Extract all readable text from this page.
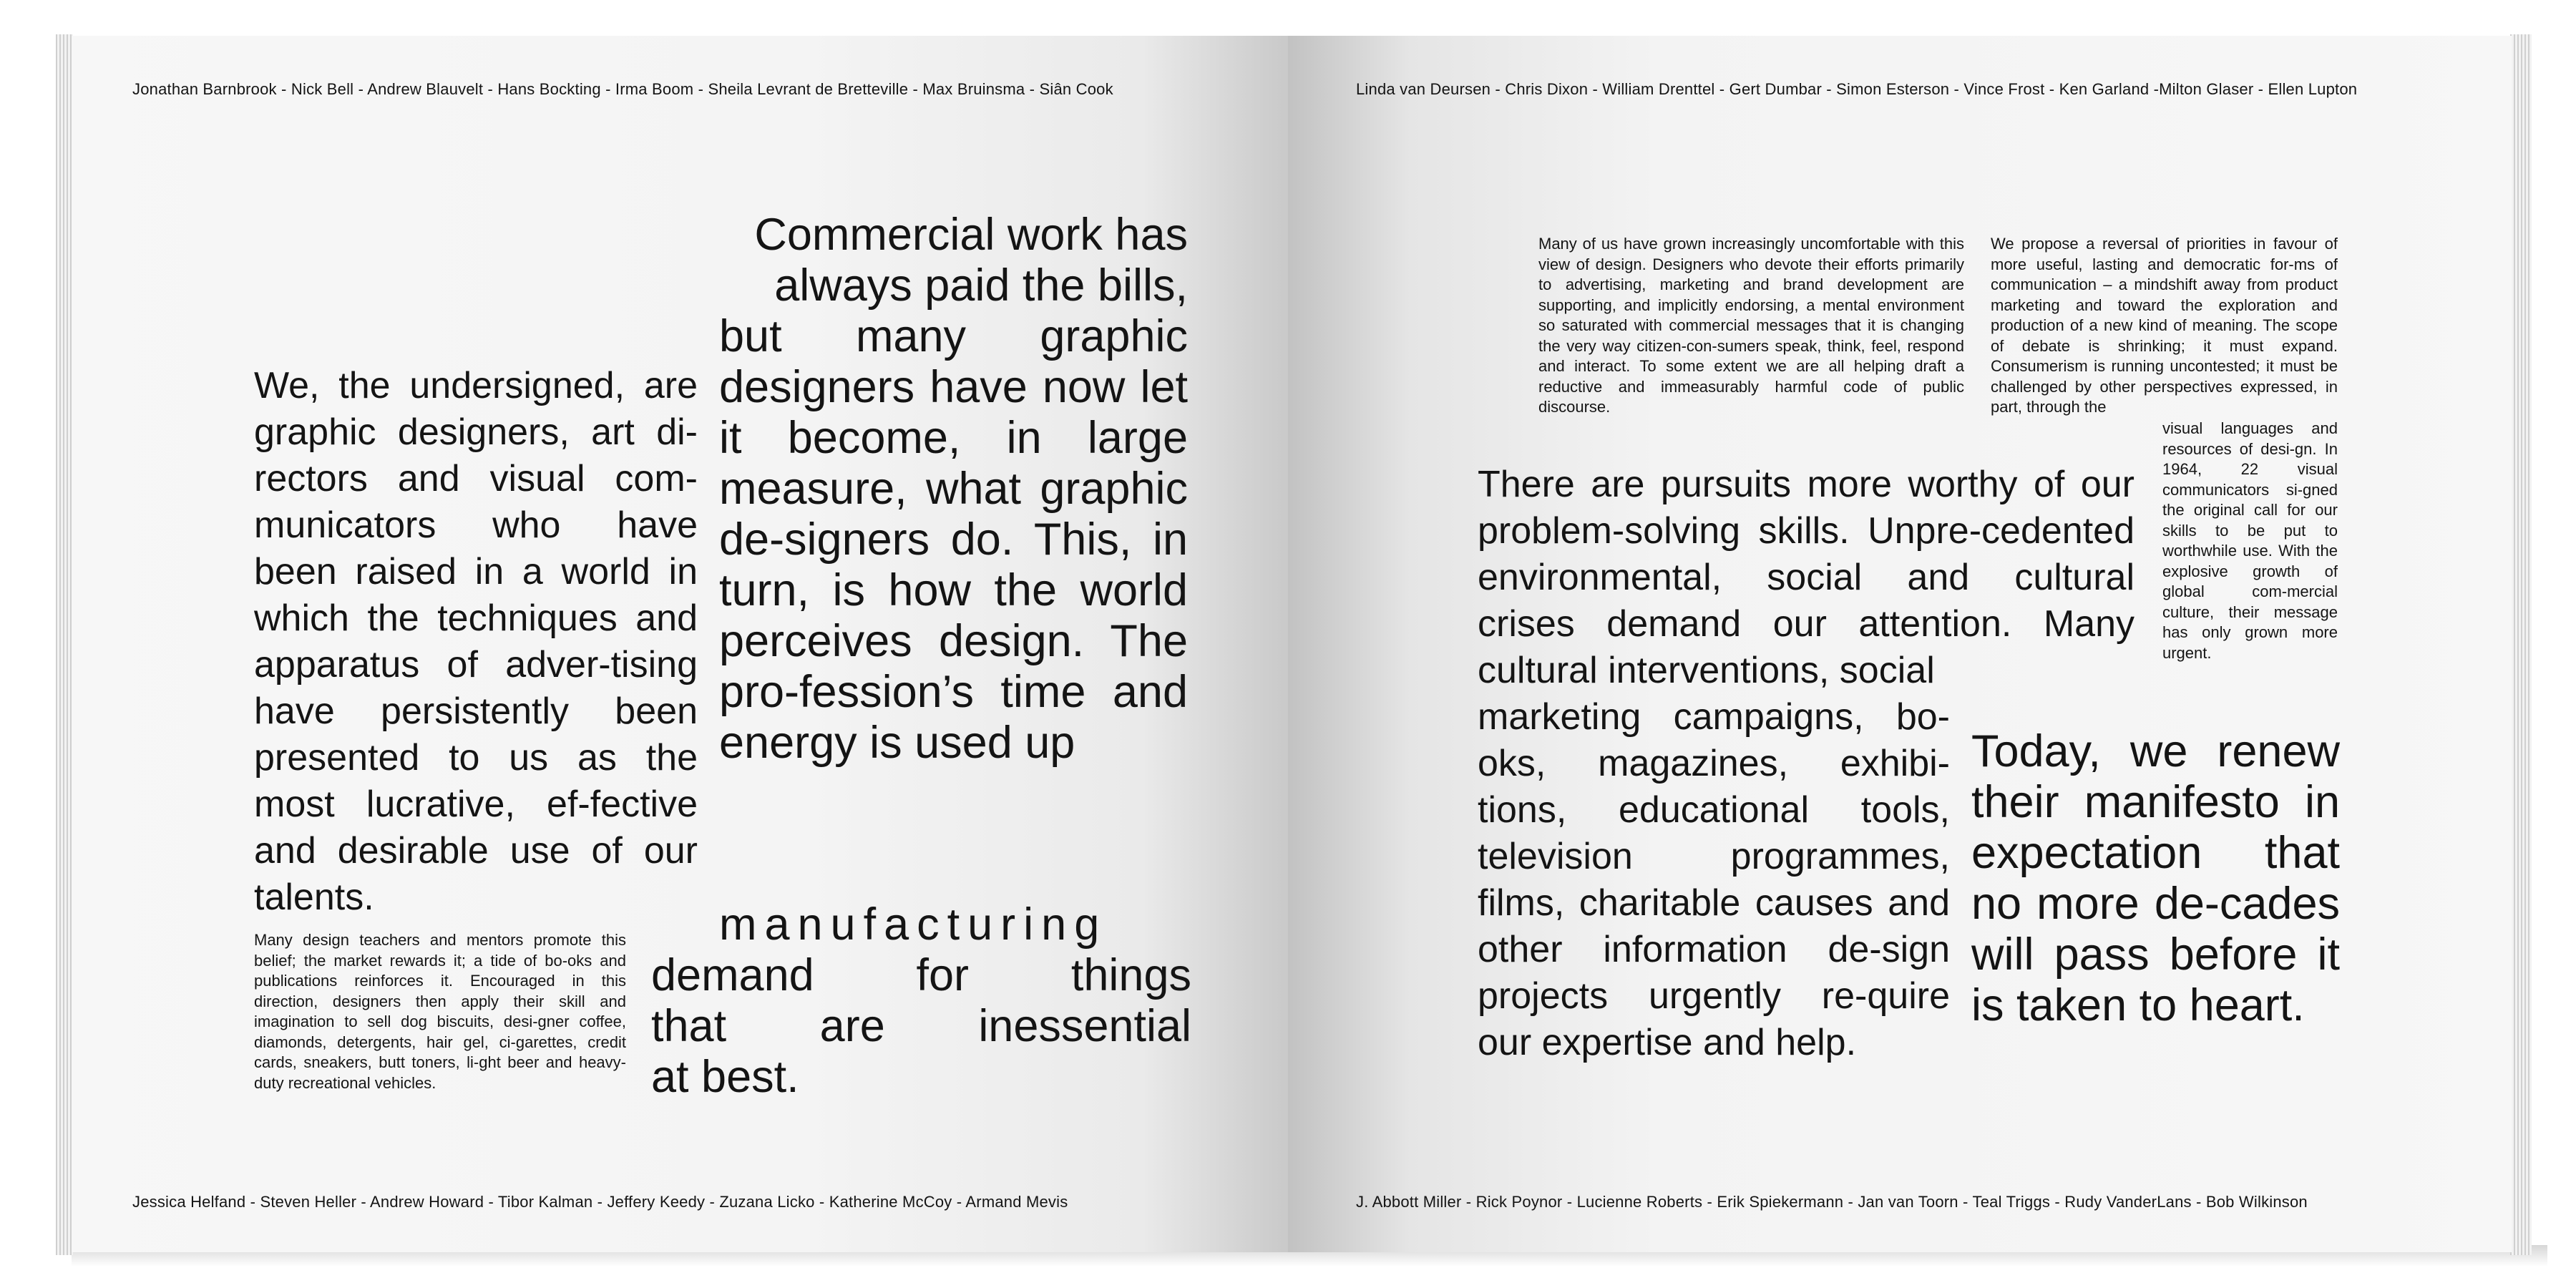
Jonathan Barnbrook - Nick Bell - Andrew Blauvelt - Hans Bockting - Irma Boom - Sheila Levrant de Bretteville - Max Bruinsma - Siân Cook
Jessica Helfand - Steven Heller - Andrew Howard - Tibor Kalman - Jeffery Keedy - Zuzana Licko - Katherine McCoy - Armand Mevis
Commercial work has
always paid the bills,
but many graphic designers have now let it become, in large measure, what graphic de-signers do. This, in turn, is how the world perceives design. The pro-fession’s time and energy is used up
manufacturing
demand for things
that are inessential
at best.
We, the undersigned, are graphic designers, art di-rectors and visual com-municators who have been raised in a world in which the techniques and apparatus of adver-tising have persistently been presented to us as the most lucrative, ef-fective and desirable use of our talents.
Many design teachers and mentors promote this belief; the market rewards it; a tide of bo-oks and publications reinforces it. Encouraged in this direction, designers then apply their skill and imagination to sell dog biscuits, desi-gner coffee, diamonds, detergents, hair gel, ci-garettes, credit cards, sneakers, butt toners, li-ght beer and heavy-duty recreational vehicles.
Linda van Deursen - Chris Dixon - William Drenttel - Gert Dumbar - Simon Esterson - Vince Frost - Ken Garland -Milton Glaser - Ellen Lupton
J. Abbott Miller - Rick Poynor - Lucienne Roberts - Erik Spiekermann - Jan van Toorn - Teal Triggs - Rudy VanderLans - Bob Wilkinson
Many of us have grown increasingly uncomfortable with this view of design. Designers who devote their efforts primarily to advertising, marketing and brand development are supporting, and implicitly endorsing, a mental environment so saturated with commercial messages that it is changing the very way citizen-con-sumers speak, think, feel, respond and interact. To some extent we are all helping draft a reductive and immeasurably harmful code of public discourse.
We propose a reversal of priorities in favour of more useful, lasting and democratic for-ms of communication – a mindshift away from product marketing and toward the exploration and production of a new kind of meaning. The scope of debate is shrinking; it must expand. Consumerism is running uncontested; it must be challenged by other perspectives expressed, in part, through the
visual languages and resources of desi-gn. In 1964, 22 visual communicators si-gned the original call for our skills to be put to worthwhile use. With the explosive growth of global com-mercial culture, their message has only grown more urgent.
There are pursuits more worthy of our problem-solving skills. Unpre-cedented environmental, social and cultural crises demand our attention. Many cultural interventions, social
marketing campaigns, bo-oks, magazines, exhibi-tions, educational tools, television programmes, films, charitable causes and other information de-sign projects urgently re-quire our expertise and help.
Today, we renew their manifesto in expectation that no more de-cades will pass before it is taken to heart.
